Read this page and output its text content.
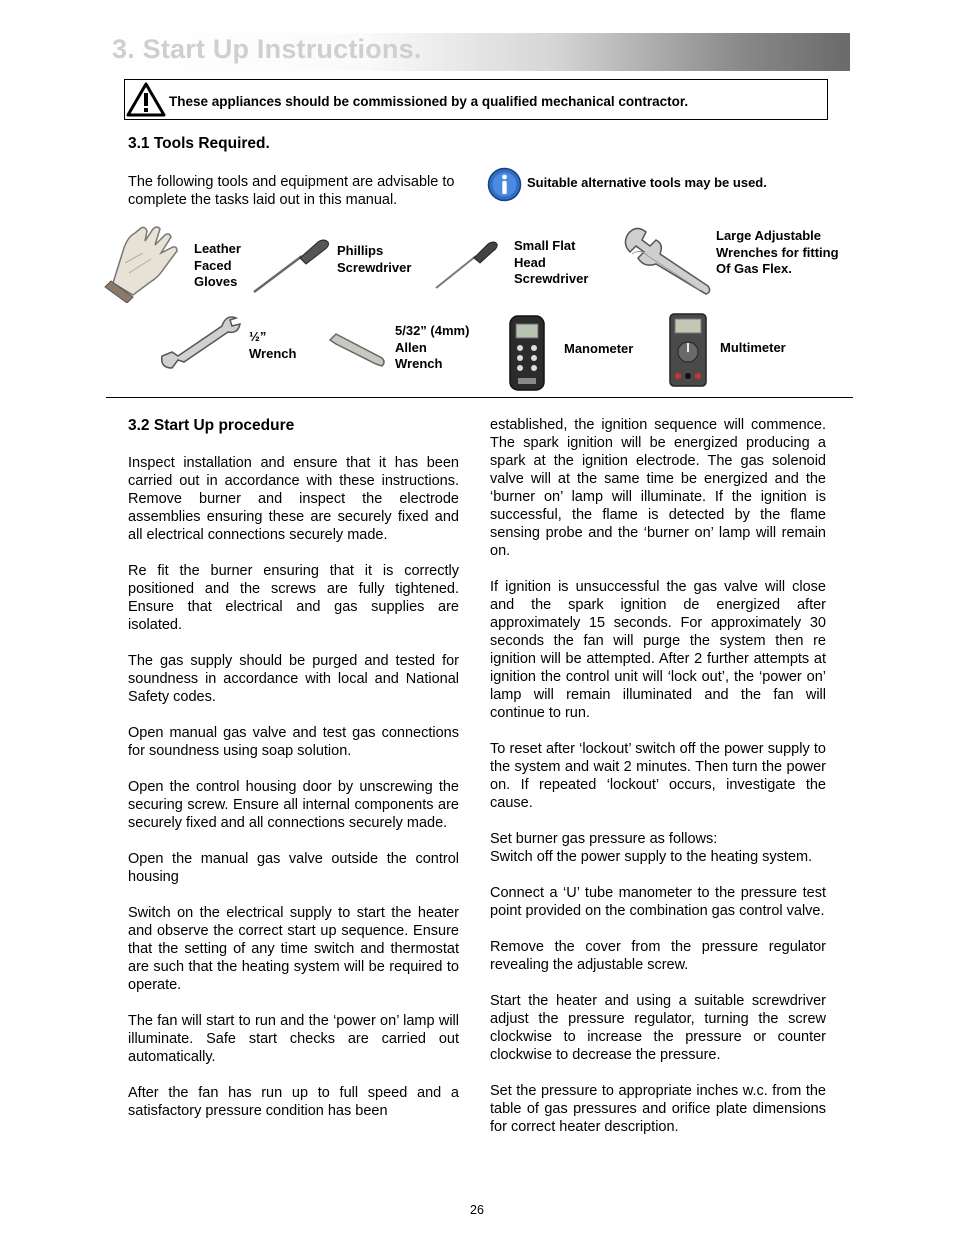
3. Start Up Instructions.
These appliances should be commissioned by a qualified mechanical contractor.
3.1 Tools Required.
The following tools and equipment are advisable to complete the tasks laid out in this manual.
Suitable alternative tools may be used.
Leather
Faced
Gloves
Phillips
Screwdriver
Small Flat
Head
Screwdriver
Large Adjustable
Wrenches for fitting
Of Gas Flex.
½”
Wrench
5/32” (4mm)
Allen
Wrench
Manometer	Multimeter
3.2 Start Up procedure

Inspect installation and ensure that it has been carried out in accordance with these instructions. Remove burner and inspect the electrode assemblies ensuring these are securely fixed and all electrical connections securely made.

Re fit the burner ensuring that it is correctly positioned and the screws are fully tightened. Ensure that electrical and gas supplies are isolated.

The gas supply should be purged and tested for soundness in accordance with local and National Safety codes.

Open manual gas valve and test gas connections for soundness using soap solution.

Open the control housing door by unscrewing the securing screw. Ensure all internal components are securely fixed and all connections securely made.

Open the manual gas valve outside the control housing

Switch on the electrical supply to start the heater and observe the correct start up sequence. Ensure that the setting of any time switch and thermostat are such that the heating system will be required to operate.

The fan will start to run and the ‘power on’ lamp will illuminate. Safe start checks are carried out automatically.

After the fan has run up to full speed and a satisfactory pressure condition has been

established, the ignition sequence will commence. The spark ignition will be energized producing a spark at the ignition electrode. The gas solenoid valve will at the same time be energized and the ‘burner on’ lamp will illuminate. If the ignition is successful, the flame is detected by the flame sensing probe and the ‘burner on’ lamp will remain on.

If ignition is unsuccessful the gas valve will close and the spark ignition de energized after approximately 15 seconds. For approximately 30 seconds the fan will purge the system then re ignition will be attempted. After 2 further attempts at ignition the control unit will ‘lock out’, the ‘power on’ lamp will remain illuminated and the fan will continue to run.

To reset after ‘lockout’ switch off the power supply to the system and wait 2 minutes. Then turn the power on. If repeated ‘lockout’ occurs, investigate the cause.

Set burner gas pressure as follows:

Switch off the power supply to the heating system.

Connect a ‘U’ tube manometer to the pressure test point provided on the combination gas control valve.

Remove the cover from the pressure regulator revealing the adjustable screw.

Start the heater and using a suitable screwdriver adjust the pressure regulator, turning the screw clockwise to increase the pressure or counter clockwise to decrease the pressure.

Set the pressure to appropriate inches w.c. from the table of gas pressures and orifice plate dimensions for correct heater description.

26
